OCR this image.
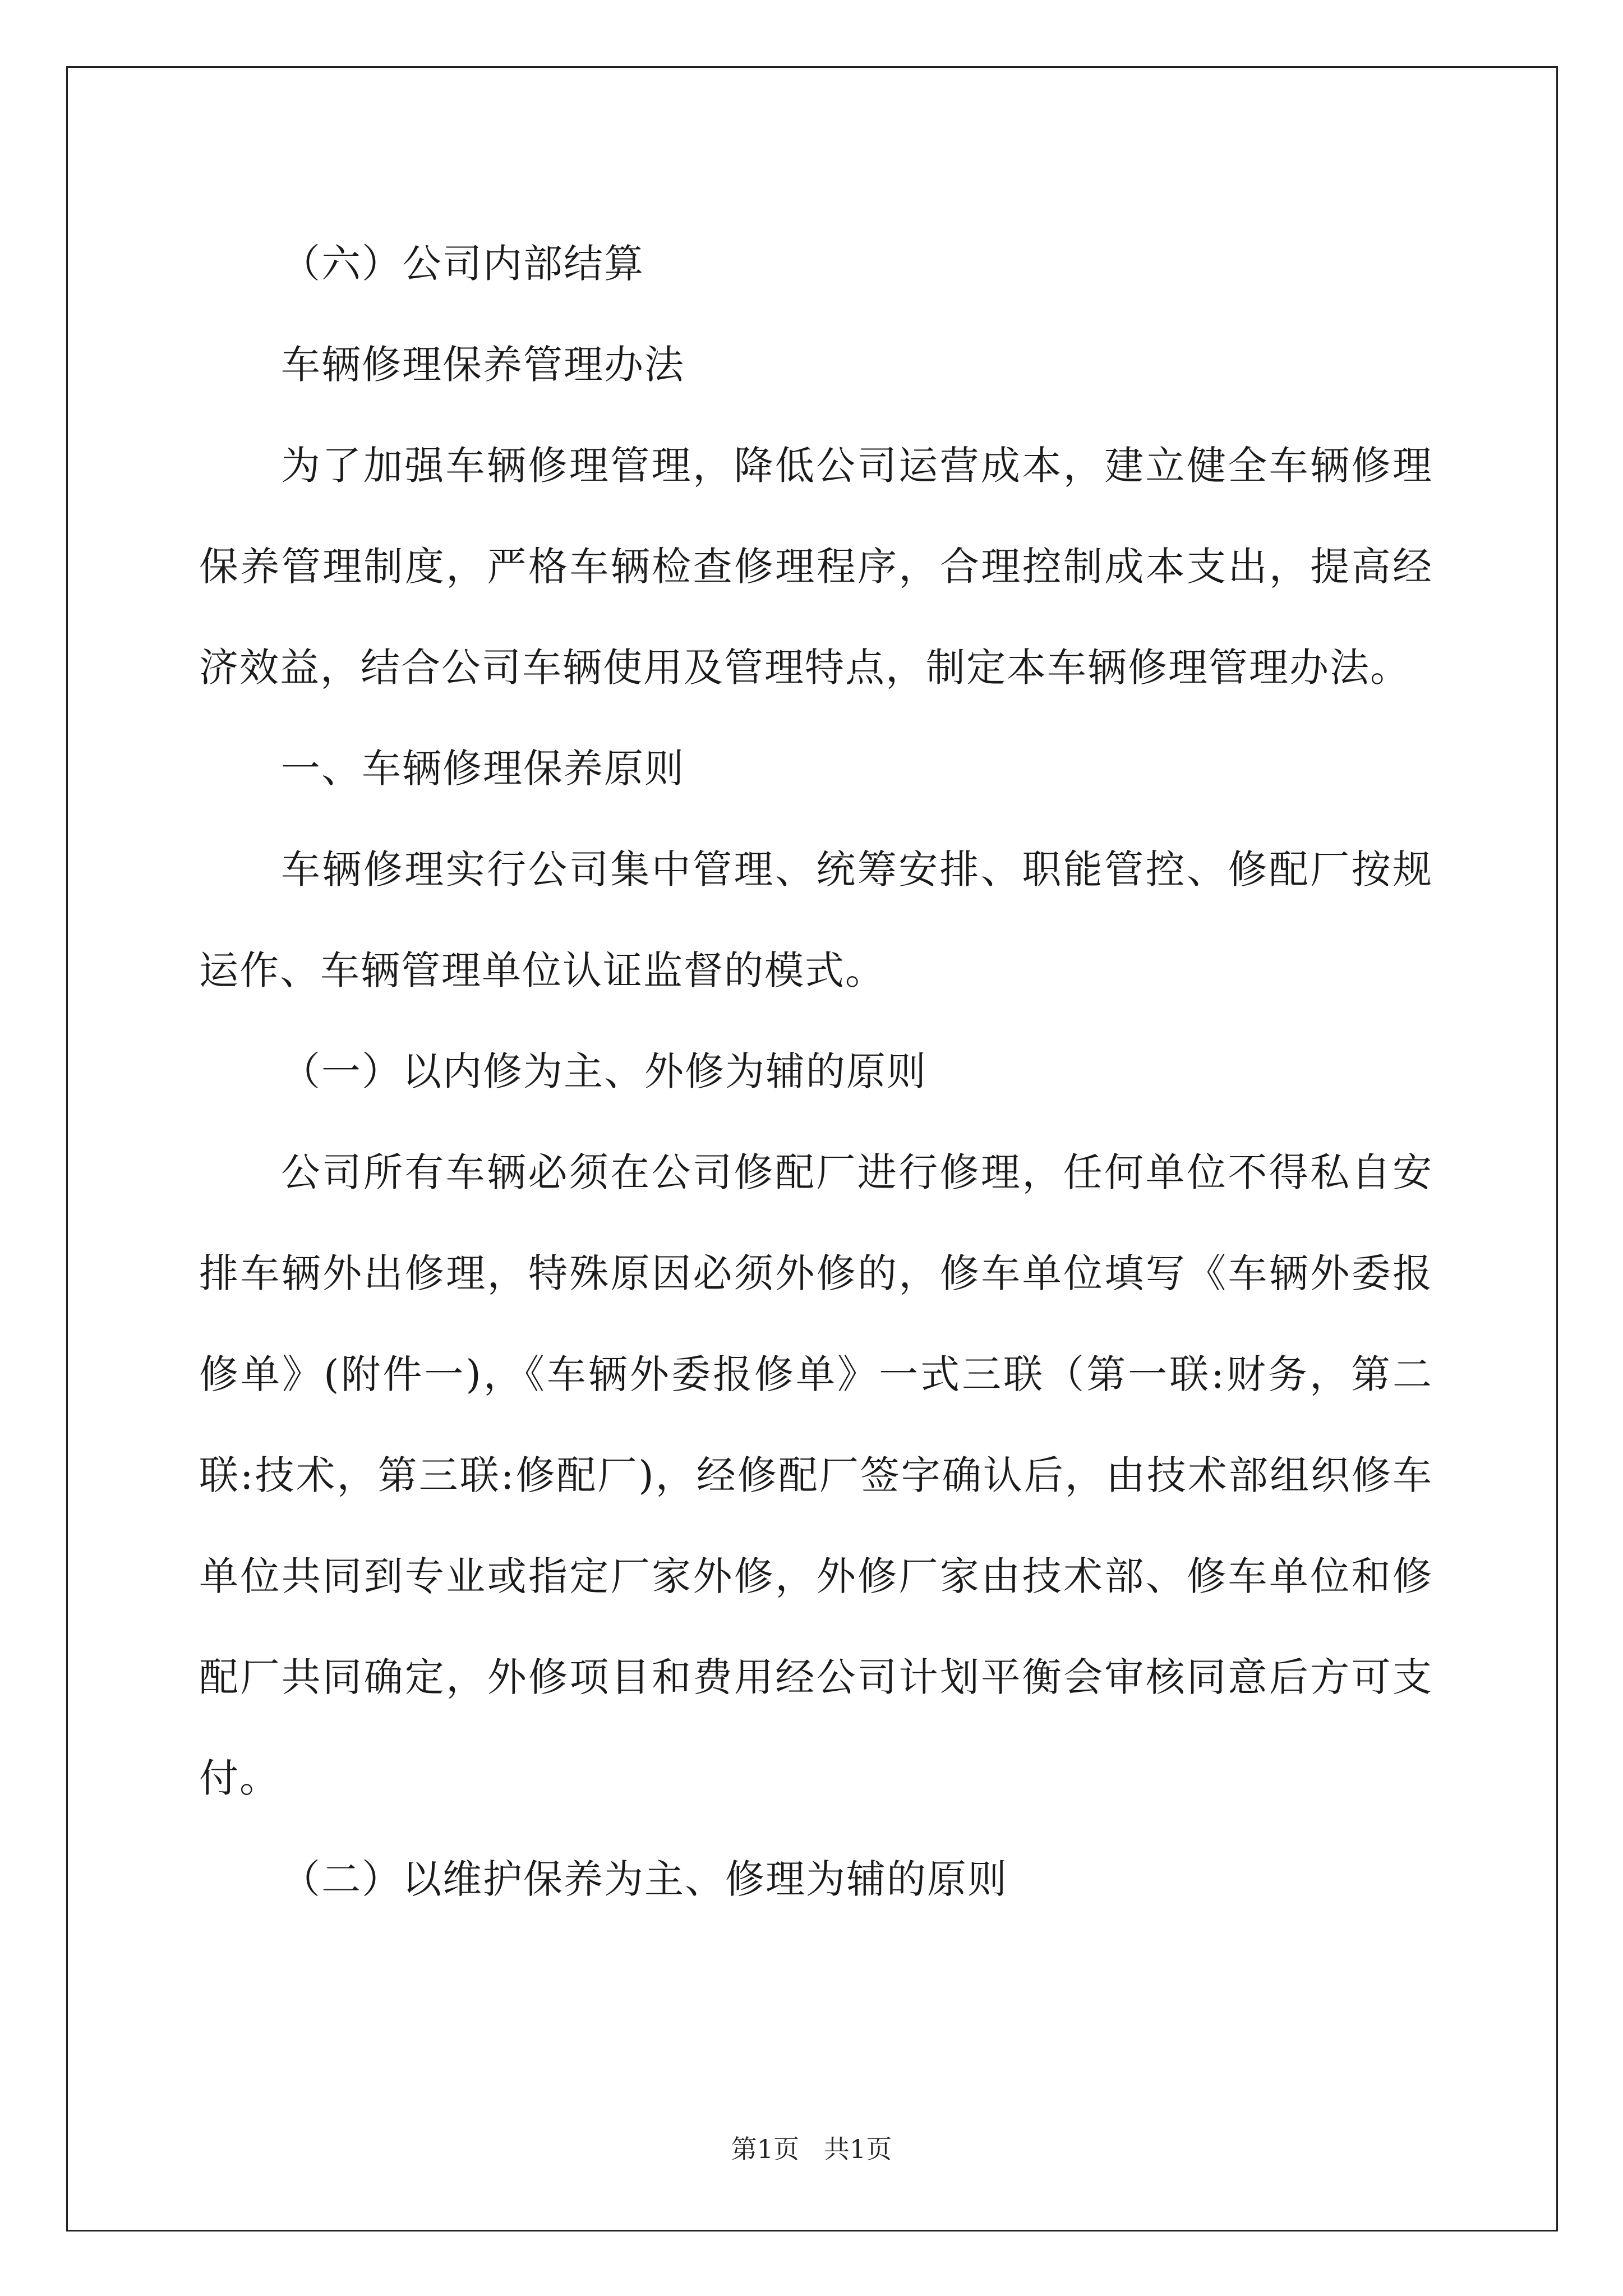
（六）公司内部结算

车辆修理保养管理办法

为了加强车辆修理管理，降低公司运营成本，建立健全车辆修理保养管理制度，严格车辆检查修理程序，合理控制成本支出，提高经济效益，结合公司车辆使用及管理特点，制定本车辆修理管理办法。

一、车辆修理保养原则

车辆修理实行公司集中管理、统筹安排、职能管控、修配厂按规运作、车辆管理单位认证监督的模式。

（一）以内修为主、外修为辅的原则

公司所有车辆必须在公司修配厂进行修理，任何单位不得私自安排车辆外出修理，特殊原因必须外修的，修车单位填写《车辆外委报修单》(附件一)，《车辆外委报修单》一式三联（第一联:财务，第二联:技术，第三联:修配厂)，经修配厂签字确认后，由技术部组织修车单位共同到专业或指定厂家外修，外修厂家由技术部、修车单位和修配厂共同确定，外修项目和费用经公司计划平衡会审核同意后方可支付。

（二）以维护保养为主、修理为辅的原则

第1页   共1页
